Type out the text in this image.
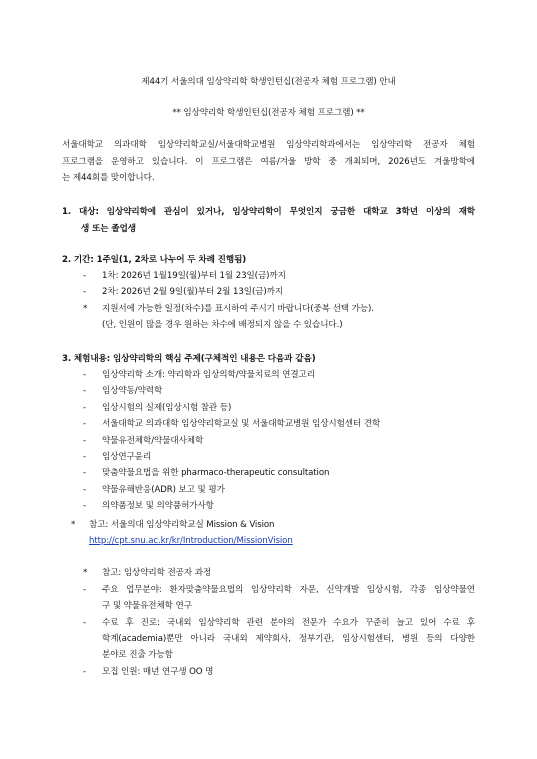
제44기 서울의대 임상약리학 학생인턴십(전공자 체험 프로그램) 안내
** 임상약리학 학생인턴십(전공자 체험 프로그램) **
서울대학교 의과대학 임상약리학교실/서울대학교병원 임상약리학과에서는 임상약리학 전공자 체험
프로그램을 운영하고 있습니다. 이 프로그램은 여름/겨울 방학 중 개최되며, 2026년도 겨울방학에
는 제44회를 맞이합니다.
1. 대상: 임상약리학에 관심이 있거나, 임상약리학이 무엇인지 궁금한 대학교 3학년 이상의 재학
생 또는 졸업생
2. 기간: 1주일(1, 2차로 나누어 두 차례 진행됨)
- 1차: 2026년 1월19일(월)부터 1월 23일(금)까지
- 2차: 2026년 2월 9일(월)부터 2월 13일(금)까지
* 지원서에 가능한 일정(차수)를 표시하여 주시기 바랍니다(중복 선택 가능).
(단, 인원이 많을 경우 원하는 차수에 배정되지 않을 수 있습니다.)
3. 체험내용: 임상약리학의 핵심 주제(구체적인 내용은 다음과 같음)
- 임상약리학 소개: 약리학과 임상의학/약물치료의 연결고리
- 임상약동/약력학
- 임상시험의 실제(임상시험 참관 등)
- 서울대학교 의과대학 임상약리학교실 및 서울대학교병원 임상시험센터 견학
- 약물유전체학/약물대사체학
- 임상연구윤리
- 맞춤약물요법을 위한 pharmaco-therapeutic consultation
- 약물유해반응(ADR) 보고 및 평가
- 의약품정보 및 의약품허가사항
* 참고: 서울의대 임상약리학교실 Mission & Vision
http://cpt.snu.ac.kr/kr/Introduction/MissionVision
* 참고: 임상약리학 전공자 과정
- 주요 업무분야: 환자맞춤약물요법의 임상약리학 자문, 신약개발 임상시험, 각종 임상약물연
구 및 약물유전체학 연구
- 수료 후 진로: 국내외 임상약리학 관련 분야의 전문가 수요가 꾸준히 늘고 있어 수료 후
학계(academia)뿐만 아니라 국내외 제약회사, 정부기관, 임상시험센터, 병원 등의 다양한
분야로 진출 가능함
- 모집 인원: 매년 연구생 OO 명
